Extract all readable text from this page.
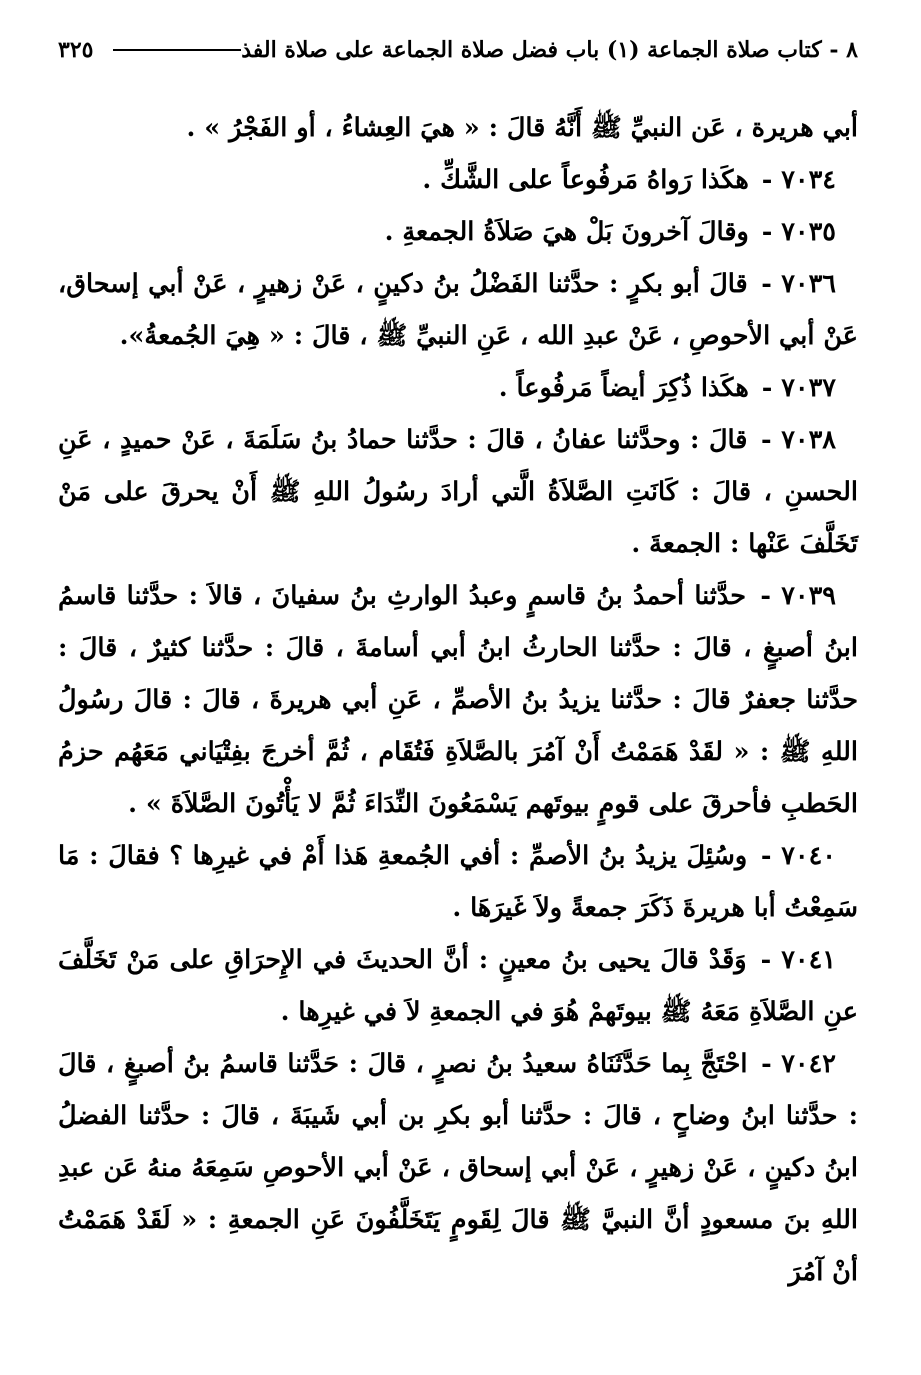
٨ - كتاب صلاة الجماعة (١) باب فضل صلاة الجماعة على صلاة الفذ
٣٢٥

أبي هريرة ، عَن النبيِّ ﷺ أَنَّهُ قالَ : « هيَ العِشاءُ ، أو الفَجْرُ » .

٧٠٣٤ - هكَذا رَواهُ مَرفُوعاً على الشَّكِّ .

٧٠٣٥ - وقالَ آخرونَ بَلْ هيَ صَلاَةُ الجمعةِ .

٧٠٣٦ - قالَ أبو بكرٍ : حدَّثنا الفَضْلُ بنُ دكينٍ ، عَنْ زهيرٍ ، عَنْ أبي إسحاق، عَنْ أبي الأحوصِ ، عَنْ عبدِ الله ، عَنِ النبيِّ ﷺ ، قالَ : « هِيَ الجُمعةُ».

٧٠٣٧ - هكَذا ذُكِرَ أيضاً مَرفُوعاً .

٧٠٣٨ - قالَ : وحدَّثنا عفانُ ، قالَ : حدَّثنا حمادُ بنُ سَلَمَةَ ، عَنْ حميدٍ ، عَنِ الحسنِ ، قالَ : كَانَتِ الصَّلاَةُ الَّتي أرادَ رسُولُ اللهِ ﷺ أَنْ يحرقَ على مَنْ تَخَلَّفَ عَنْها : الجمعةَ .

٧٠٣٩ - حدَّثنا أحمدُ بنُ قاسمٍ وعبدُ الوارثِ بنُ سفيانَ ، قالاَ : حدَّثنا قاسمُ ابنُ أصبغٍ ، قالَ : حدَّثنا الحارثُ ابنُ أبي أسامةَ ، قالَ : حدَّثنا كثيرٌ ، قالَ : حدَّثنا جعفرٌ قالَ : حدَّثنا يزيدُ بنُ الأصمِّ ، عَنِ أبي هريرةَ ، قالَ : قالَ رسُولُ اللهِ ﷺ : « لقَدْ هَمَمْتُ أَنْ آمُرَ بالصَّلاَةِ فَتُقَام ، ثُمَّ أخرجَ بفِتْيَاني مَعَهُم حزمُ الحَطبِ فأحرقَ على قومٍ بيوتَهم يَسْمَعُونَ النِّدَاءَ ثُمَّ لا يَأْتُونَ الصَّلاَةَ » .

٧٠٤٠ - وسُئِلَ يزيدُ بنُ الأصمِّ : أفي الجُمعةِ هَذا أَمْ في غيرِها ؟ فقالَ : مَا سَمِعْتُ أبا هريرةَ ذَكَرَ جمعةً ولاَ غَيرَهَا .

٧٠٤١ - وَقَدْ قالَ يحيى بنُ معينٍ : أنَّ الحديثَ في الإِحرَاقِ على مَنْ تَخَلَّفَ عنِ الصَّلاَةِ مَعَهُ ﷺ بيوتَهمْ هُوَ في الجمعةِ لاَ في غيرِها .

٧٠٤٢ - احْتَجَّ بِما حَدَّثَنَاهُ سعيدُ بنُ نصرٍ ، قالَ : حَدَّثنا قاسمُ بنُ أصبغٍ ، قالَ : حدَّثنا ابنُ وضاحٍ ، قالَ : حدَّثنا أبو بكرِ بن أبي شَيبَةَ ، قالَ : حدَّثنا الفضلُ ابنُ دكينٍ ، عَنْ زهيرٍ ، عَنْ أبي إسحاق ، عَنْ أبي الأحوصِ سَمِعَهُ منهُ عَن عبدِ اللهِ بنَ مسعودٍ أنَّ النبيَّ ﷺ قالَ لِقَومٍ يَتَخَلَّفُونَ عَنِ الجمعةِ : « لَقَدْ هَمَمْتُ أنْ آمُرَ
